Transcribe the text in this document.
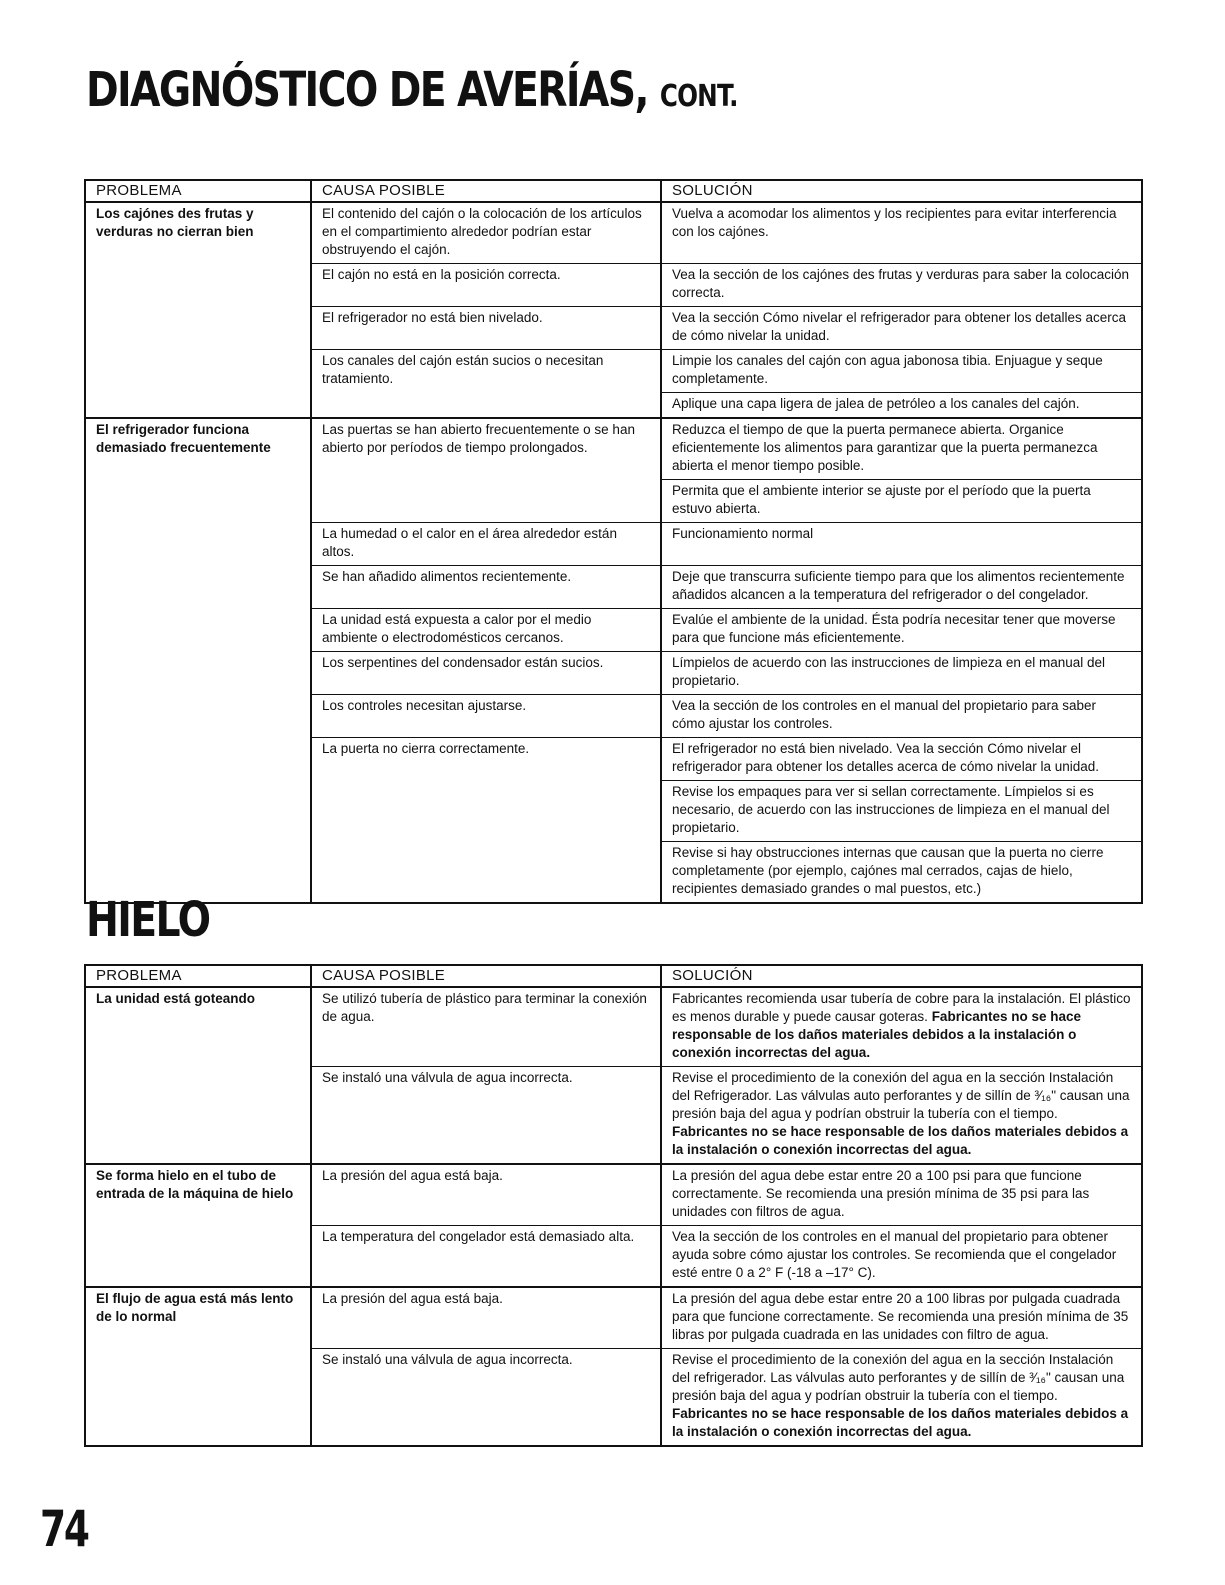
DIAGNÓSTICO DE AVERÍAS, CONT.
PROBLEMA	CAUSA POSIBLE	SOLUCIÓN
Los cajónes des frutas y verduras no cierran bien	El contenido del cajón o la colocación de los artículos en el compartimiento alrededor podrían estar obstruyendo el cajón.	Vuelva a acomodar los alimentos y los recipientes para evitar interferencia con los cajónes.
	El cajón no está en la posición correcta.	Vea la sección de los cajónes des frutas y verduras para saber la colocación correcta.
	El refrigerador no está bien nivelado.	Vea la sección Cómo nivelar el refrigerador para obtener los detalles acerca de cómo nivelar la unidad.
	Los canales del cajón están sucios o necesitan tratamiento.	Limpie los canales del cajón con agua jabonosa tibia. Enjuague y seque completamente.
		Aplique una capa ligera de jalea de petróleo a los canales del cajón.
El refrigerador funciona demasiado frecuentemente	Las puertas se han abierto frecuentemente o se han abierto por períodos de tiempo prolongados.	Reduzca el tiempo de que la puerta permanece abierta. Organice eficientemente los alimentos para garantizar que la puerta permanezca abierta el menor tiempo posible.
		Permita que el ambiente interior se ajuste por el período que la puerta estuvo abierta.
	La humedad o el calor en el área alrededor están altos.	Funcionamiento normal
	Se han añadido alimentos recientemente.	Deje que transcurra suficiente tiempo para que los alimentos recientemente añadidos alcancen a la temperatura del refrigerador o del congelador.
	La unidad está expuesta a calor por el medio ambiente o electrodomésticos cercanos.	Evalúe el ambiente de la unidad. Ésta podría necesitar tener que moverse para que funcione más eficientemente.
	Los serpentines del condensador están sucios.	Límpielos de acuerdo con las instrucciones de limpieza en el manual del propietario.
	Los controles necesitan ajustarse.	Vea la sección de los controles en el manual del propietario para saber cómo ajustar los controles.
	La puerta no cierra correctamente.	El refrigerador no está bien nivelado. Vea la sección Cómo nivelar el refrigerador para obtener los detalles acerca de cómo nivelar la unidad.
		Revise los empaques para ver si sellan correctamente. Límpielos si es necesario, de acuerdo con las instrucciones de limpieza en el manual del propietario.
		Revise si hay obstrucciones internas que causan que la puerta no cierre completamente (por ejemplo, cajónes mal cerrados, cajas de hielo, recipientes demasiado grandes o mal puestos, etc.)
HIELO
PROBLEMA	CAUSA POSIBLE	SOLUCIÓN
La unidad está goteando	Se utilizó tubería de plástico para terminar la conexión de agua.	Fabricantes recomienda usar tubería de cobre para la instalación. El plástico es menos durable y puede causar goteras. Fabricantes no se hace responsable de los daños materiales debidos a la instalación o conexión incorrectas del agua.
	Se instaló una válvula de agua incorrecta.	Revise el procedimiento de la conexión del agua en la sección Instalación del Refrigerador. Las válvulas auto perforantes y de sillín de ³⁄₁₆" causan una presión baja del agua y podrían obstruir la tubería con el tiempo. Fabricantes no se hace responsable de los daños materiales debidos a la instalación o conexión incorrectas del agua.
Se forma hielo en el tubo de entrada de la máquina de hielo	La presión del agua está baja.	La presión del agua debe estar entre 20 a 100 psi para que funcione correctamente. Se recomienda una presión mínima de 35 psi para las unidades con filtros de agua.
	La temperatura del congelador está demasiado alta.	Vea la sección de los controles en el manual del propietario para obtener ayuda sobre cómo ajustar los controles. Se recomienda que el congelador esté entre 0 a 2° F (-18 a –17° C).
El flujo de agua está más lento de lo normal	La presión del agua está baja.	La presión del agua debe estar entre 20 a 100 libras por pulgada cuadrada para que funcione correctamente. Se recomienda una presión mínima de 35 libras por pulgada cuadrada en las unidades con filtro de agua.
	Se instaló una válvula de agua incorrecta.	Revise el procedimiento de la conexión del agua en la sección Instalación del refrigerador. Las válvulas auto perforantes y de sillín de ³⁄₁₆" causan una presión baja del agua y podrían obstruir la tubería con el tiempo. Fabricantes no se hace responsable de los daños materiales debidos a la instalación o conexión incorrectas del agua.
74
